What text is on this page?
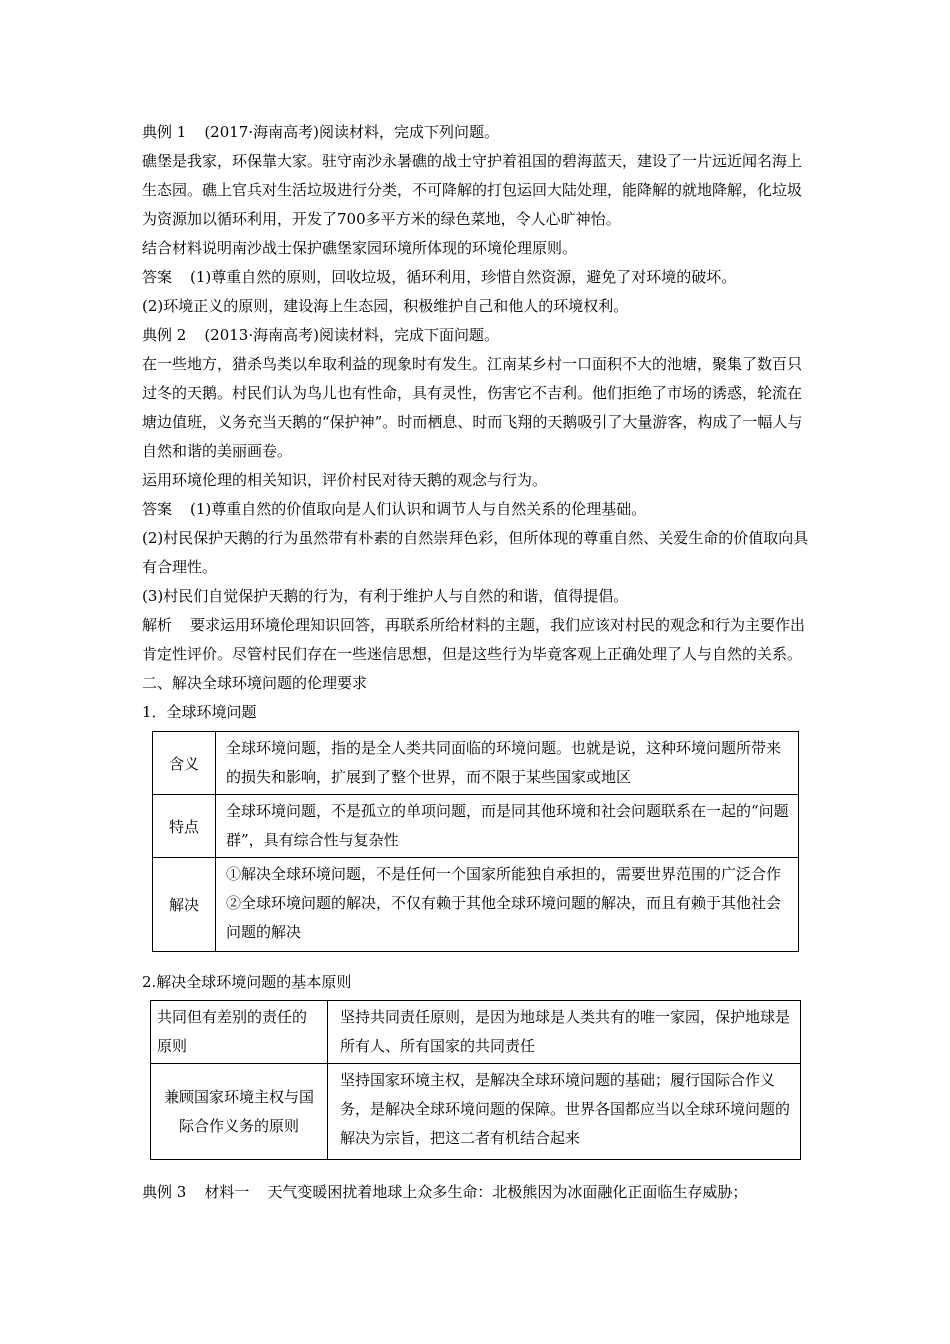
典例 1 (2017·海南高考)阅读材料，完成下列问题。

礁堡是我家，环保靠大家。驻守南沙永暑礁的战士守护着祖国的碧海蓝天，建设了一片远近闻名海上生态园。礁上官兵对生活垃圾进行分类，不可降解的打包运回大陆处理，能降解的就地降解，化垃圾为资源加以循环利用，开发了700多平方米的绿色菜地，令人心旷神怡。

结合材料说明南沙战士保护礁堡家园环境所体现的环境伦理原则。

答案 (1)尊重自然的原则，回收垃圾，循环利用，珍惜自然资源，避免了对环境的破坏。

(2)环境正义的原则，建设海上生态园，积极维护自己和他人的环境权利。

典例 2 (2013·海南高考)阅读材料，完成下面问题。

在一些地方，猎杀鸟类以牟取利益的现象时有发生。江南某乡村一口面积不大的池塘，聚集了数百只过冬的天鹅。村民们认为鸟儿也有性命，具有灵性，伤害它不吉利。他们拒绝了市场的诱惑，轮流在塘边值班，义务充当天鹅的“保护神”。时而栖息、时而飞翔的天鹅吸引了大量游客，构成了一幅人与自然和谐的美丽画卷。

运用环境伦理的相关知识，评价村民对待天鹅的观念与行为。

答案 (1)尊重自然的价值取向是人们认识和调节人与自然关系的伦理基础。

(2)村民保护天鹅的行为虽然带有朴素的自然崇拜色彩，但所体现的尊重自然、关爱生命的价值取向具有合理性。

(3)村民们自觉保护天鹅的行为，有利于维护人与自然的和谐，值得提倡。

解析 要求运用环境伦理知识回答，再联系所给材料的主题，我们应该对村民的观念和行为主要作出肯定性评价。尽管村民们存在一些迷信思想，但是这些行为毕竟客观上正确处理了人与自然的关系。

二、解决全球环境问题的伦理要求

1．全球环境问题

含义	全球环境问题，指的是全人类共同面临的环境问题。也就是说，这种环境问题所带来的损失和影响，扩展到了整个世界，而不限于某些国家或地区
特点	全球环境问题，不是孤立的单项问题，而是同其他环境和社会问题联系在一起的“问题群”，具有综合性与复杂性
解决	①解决全球环境问题，不是任何一个国家所能独自承担的，需要世界范围的广泛合作
②全球环境问题的解决，不仅有赖于其他全球环境问题的解决，而且有赖于其他社会问题的解决

2.解决全球环境问题的基本原则

共同但有差别的责任的原则	坚持共同责任原则，是因为地球是人类共有的唯一家园，保护地球是所有人、所有国家的共同责任
兼顾国家环境主权与国际合作义务的原则	坚持国家环境主权，是解决全球环境问题的基础；履行国际合作义务，是解决全球环境问题的保障。世界各国都应当以全球环境问题的解决为宗旨，把这二者有机结合起来

典例 3 材料一 天气变暖困扰着地球上众多生命：北极熊因为冰面融化正面临生存威胁；
